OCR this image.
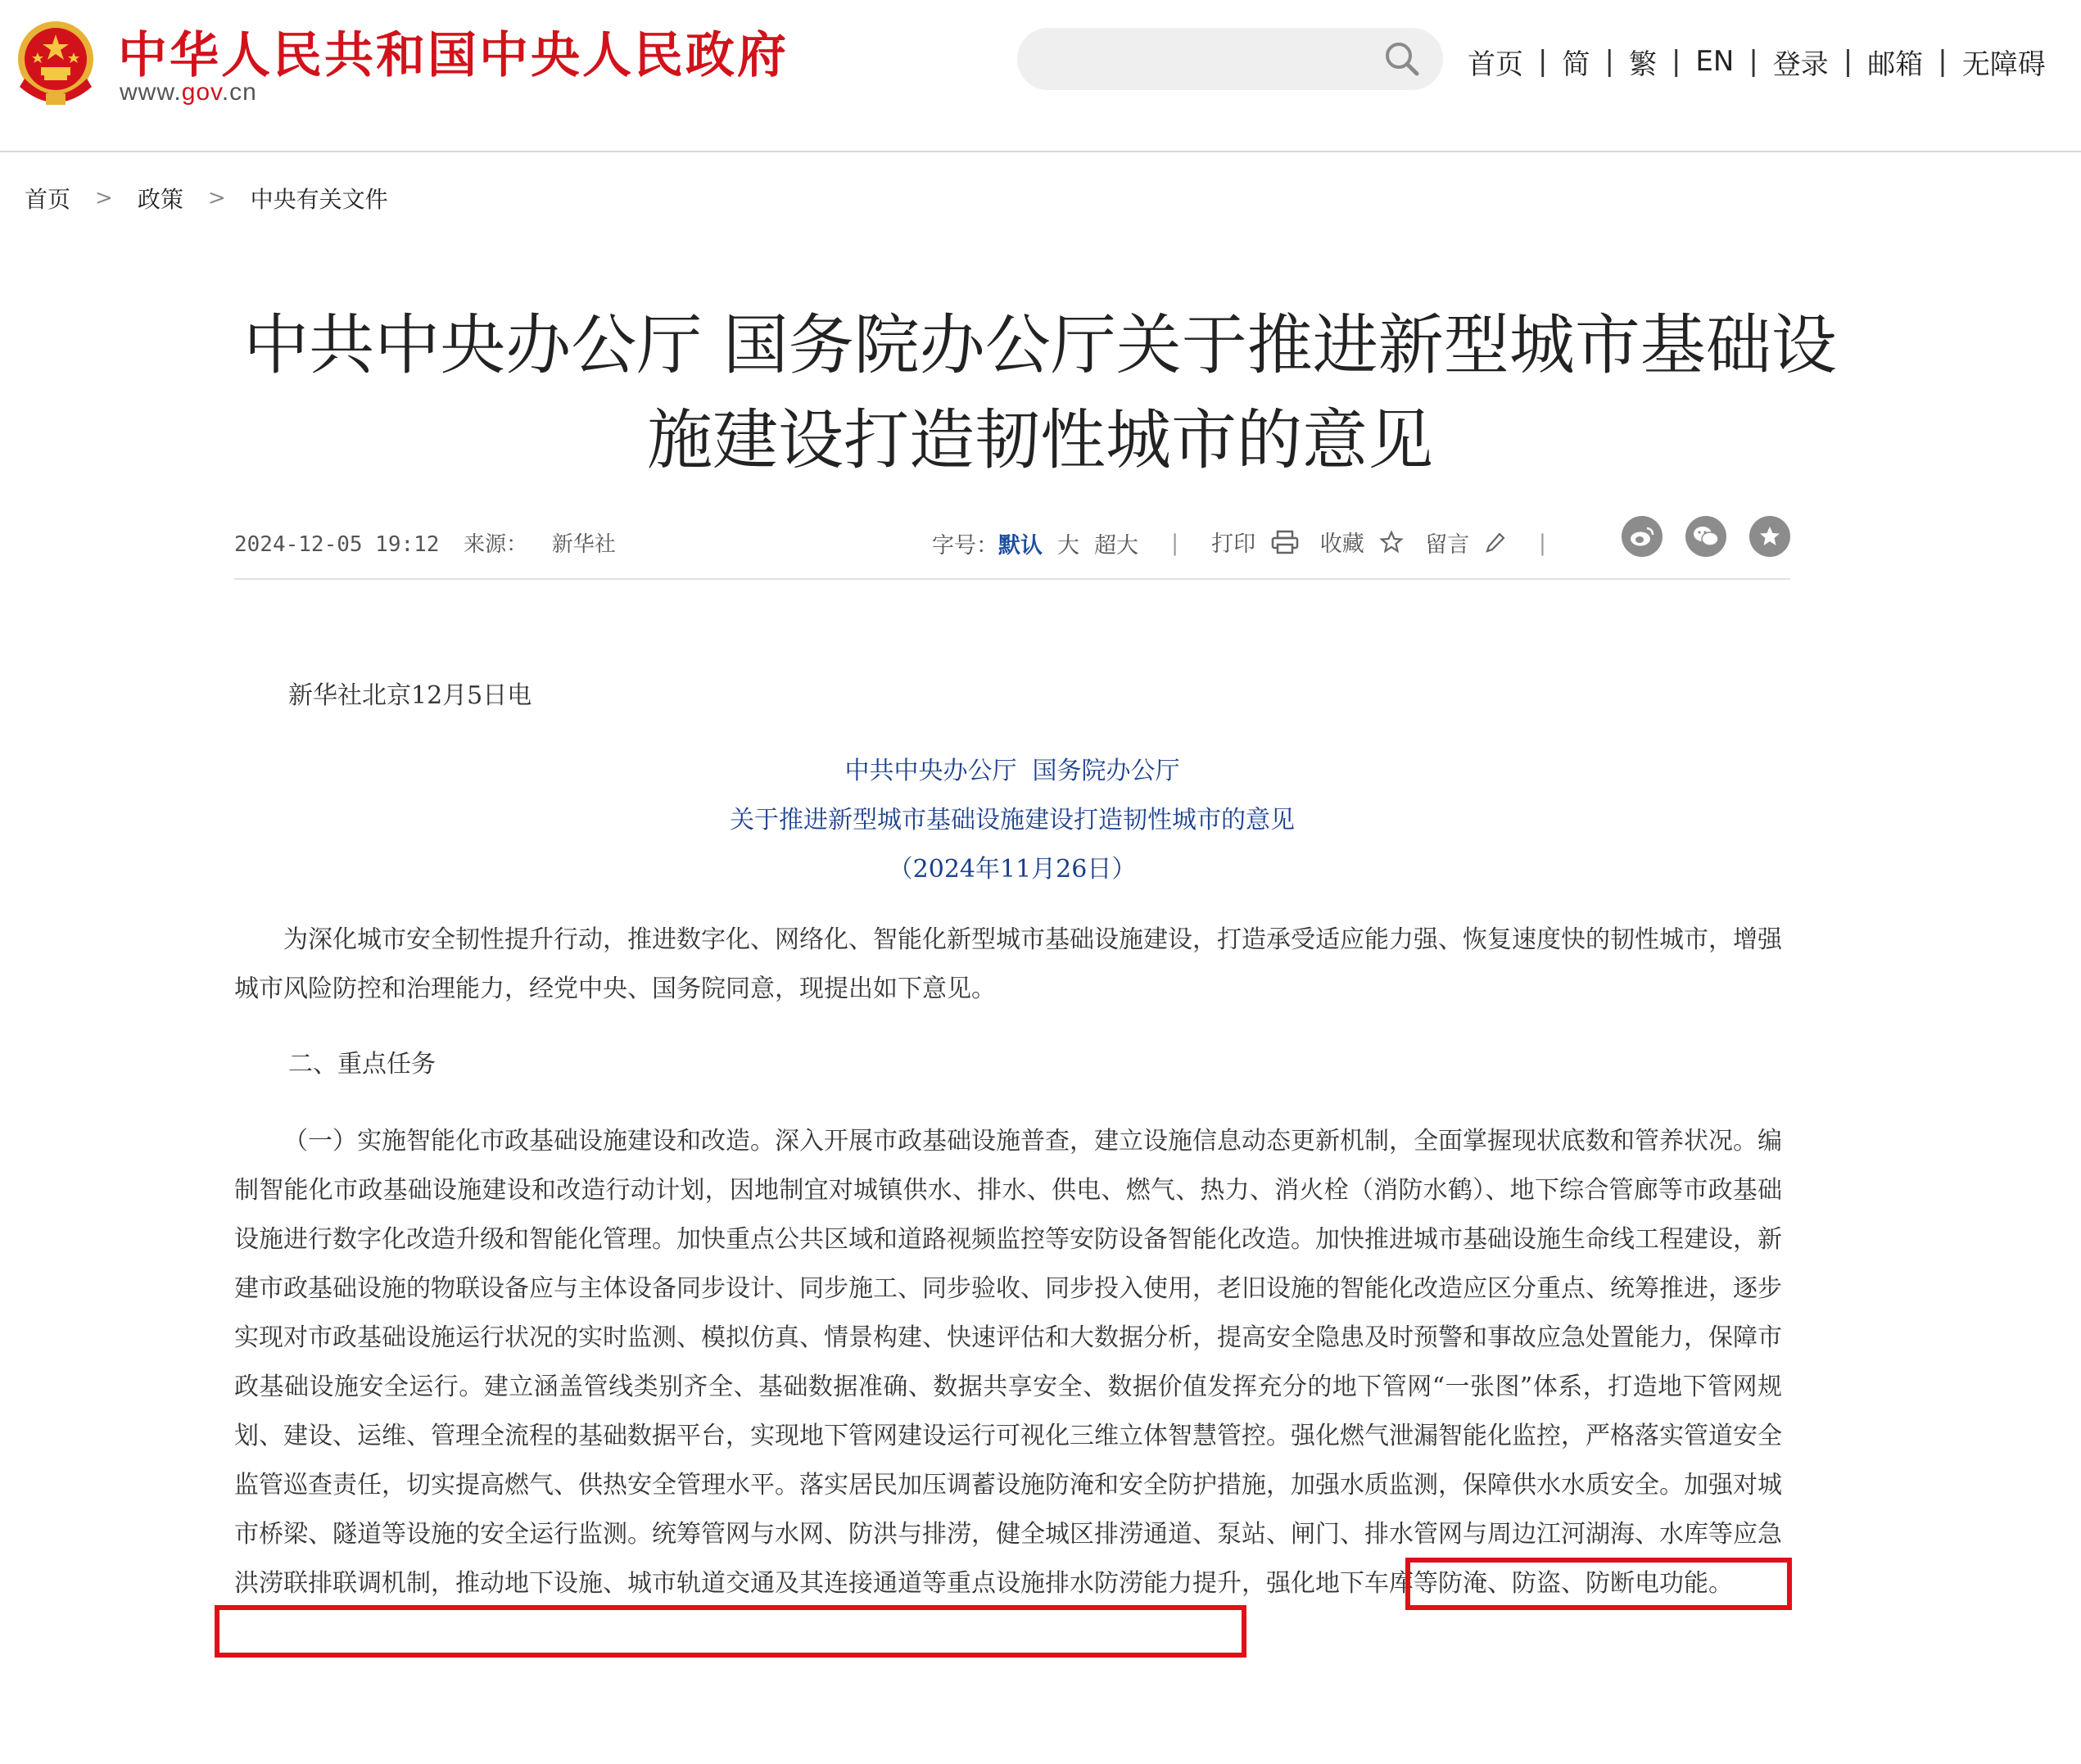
中华人民共和国中央人民政府
www.gov.cn
首页 | 简 | 繁 | EN | 登录 | 邮箱 | 无障碍
首页 > 政策 > 中央有关文件
中共中央办公厅 国务院办公厅关于推进新型城市基础设
施建设打造韧性城市的意见
2024-12-05 19:12 来源： 新华社	字号： 默认 大 超大 | 打印	收藏	留言	|
新华社北京12月5日电
中共中央办公厅  国务院办公厅
关于推进新型城市基础设施建设打造韧性城市的意见
（2024年11月26日）
为深化城市安全韧性提升行动，推进数字化、网络化、智能化新型城市基础设施建设，打造承受适应能力强、恢复速度快的韧性城市，增强城市风险防控和治理能力，经党中央、国务院同意，现提出如下意见。
二、重点任务
（一）实施智能化市政基础设施建设和改造。深入开展市政基础设施普查，建立设施信息动态更新机制，全面掌握现状底数和管养状况。编制智能化市政基础设施建设和改造行动计划，因地制宜对城镇供水、排水、供电、燃气、热力、消火栓（消防水鹤）、地下综合管廊等市政基础设施进行数字化改造升级和智能化管理。加快重点公共区域和道路视频监控等安防设备智能化改造。加快推进城市基础设施生命线工程建设，新建市政基础设施的物联设备应与主体设备同步设计、同步施工、同步验收、同步投入使用，老旧设施的智能化改造应区分重点、统筹推进，逐步实现对市政基础设施运行状况的实时监测、模拟仿真、情景构建、快速评估和大数据分析，提高安全隐患及时预警和事故应急处置能力，保障市政基础设施安全运行。建立涵盖管线类别齐全、基础数据准确、数据共享安全、数据价值发挥充分的地下管网“一张图”体系，打造地下管网规划、建设、运维、管理全流程的基础数据平台，实现地下管网建设运行可视化三维立体智慧管控。强化燃气泄漏智能化监控，严格落实管道安全监管巡查责任，切实提高燃气、供热安全管理水平。落实居民加压调蓄设施防淹和安全防护措施，加强水质监测，保障供水水质安全。加强对城市桥梁、隧道等设施的安全运行监测。统筹管网与水网、防洪与排涝，健全城区排涝通道、泵站、闸门、排水管网与周边江河湖海、水库等应急洪涝联排联调机制，推动地下设施、城市轨道交通及其连接通道等重点设施排水防涝能力提升，强化地下车库等防淹、防盗、防断电功能。
